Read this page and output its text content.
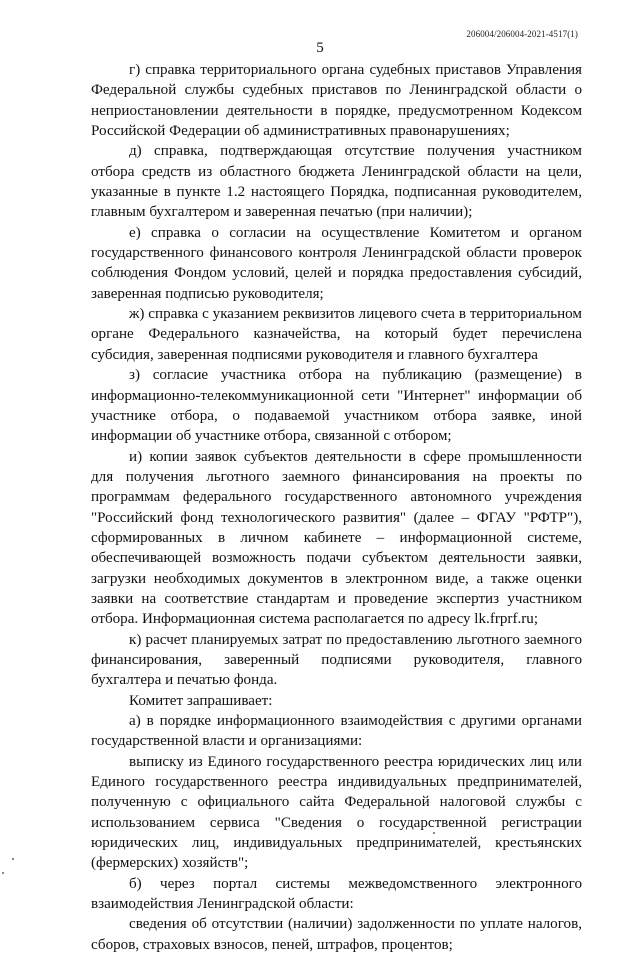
206004/206004-2021-4517(1)
5

г) справка территориального органа судебных приставов Управления Федеральной службы судебных приставов по Ленинградской области о неприостановлении деятельности в порядке, предусмотренном Кодексом Российской Федерации об административных правонарушениях;

д) справка, подтверждающая отсутствие получения участником отбора средств из областного бюджета Ленинградской области на цели, указанные в пункте 1.2 настоящего Порядка, подписанная руководителем, главным бухгалтером и заверенная печатью (при наличии);

е) справка о согласии на осуществление Комитетом и органом государственного финансового контроля Ленинградской области проверок соблюдения Фондом условий, целей и порядка предоставления субсидий, заверенная подписью руководителя;

ж) справка с указанием реквизитов лицевого счета в территориальном органе Федерального казначейства, на который будет перечислена субсидия, заверенная подписями руководителя и главного бухгалтера

з) согласие участника отбора на публикацию (размещение) в информационно-телекоммуникационной сети "Интернет" информации об участнике отбора, о подаваемой участником отбора заявке, иной информации об участнике отбора, связанной с отбором;

и) копии заявок субъектов деятельности в сфере промышленности для получения льготного заемного финансирования на проекты по программам федерального государственного автономного учреждения "Российский фонд технологического развития" (далее – ФГАУ "РФТР"), сформированных в личном кабинете – информационной системе, обеспечивающей возможность подачи субъектом деятельности заявки, загрузки необходимых документов в электронном виде, а также оценки заявки на соответствие стандартам и проведение экспертиз участником отбора. Информационная система располагается по адресу lk.frprf.ru;

к) расчет планируемых затрат по предоставлению льготного заемного финансирования, заверенный подписями руководителя, главного бухгалтера и печатью фонда.

Комитет запрашивает:

а) в порядке информационного взаимодействия с другими органами государственной власти и организациями:

выписку из Единого государственного реестра юридических лиц или Единого государственного реестра индивидуальных предпринимателей, полученную с официального сайта Федеральной налоговой службы с использованием сервиса "Сведения о государственной регистрации юридических лиц, индивидуальных предпринимателей, крестьянских (фермерских) хозяйств";

б) через портал системы межведомственного электронного взаимодействия Ленинградской области:

сведения об отсутствии (наличии) задолженности по уплате налогов, сборов, страховых взносов, пеней, штрафов, процентов;
